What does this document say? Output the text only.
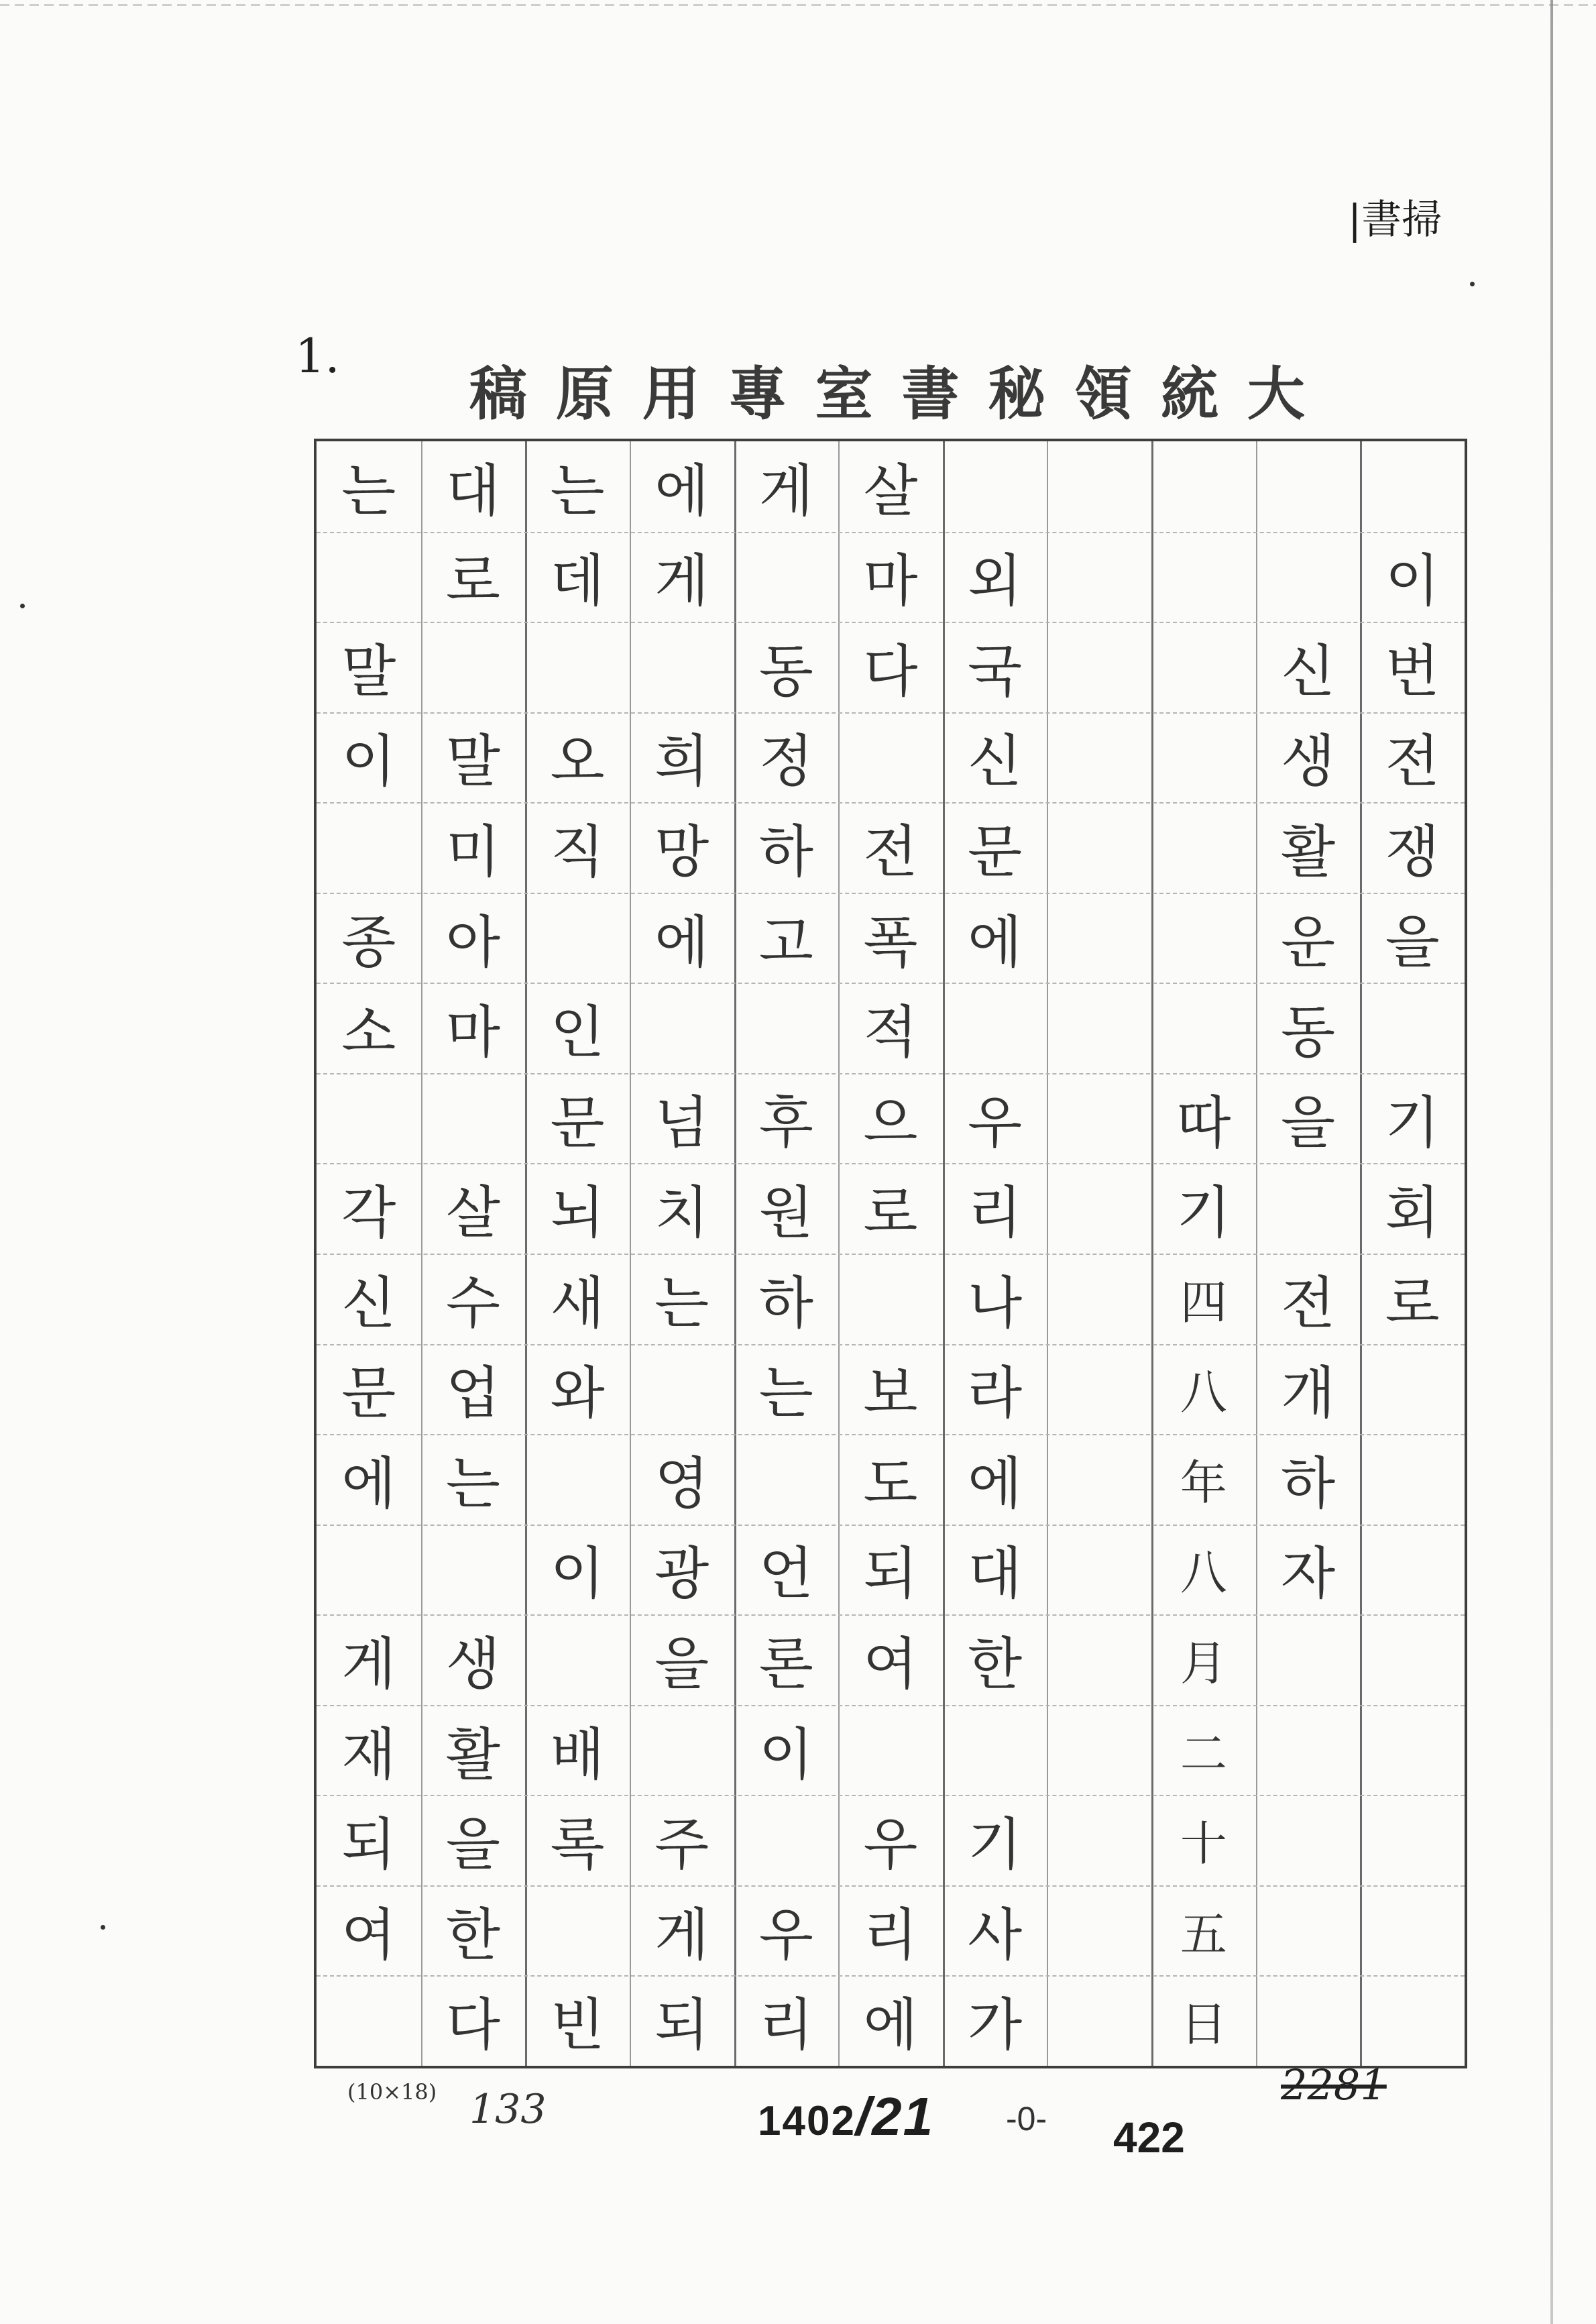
|書掃
1.
稿 原 用 專 室 書 秘 領 統 大
이
번
전
쟁
을
기
회
로
신
생
활
운
동
을
전
개
하
자
따
기
四
八
年
八
月
二
十
五
日
외
국
신
문
에
우
리
나
라
에
대
한
기
사
가
살
마
다
전
폭
적
으
로
보
도
되
여
우
리
에
게
동
정
하
고
후
원
하
는
언
론
이
우
리
에
게
희
망
에
넘
치
는
영
광
을
주
게
되
는
데
오
직
인
문
뇌
새
와
이
배
록
빈
대
로
말
미
아
마
살
수
업
는
생
활
을
한
다
는
말
이
종
소
각
신
문
에
게
재
되
여
(10×18) 133	1402/21 -0- 422
2281
